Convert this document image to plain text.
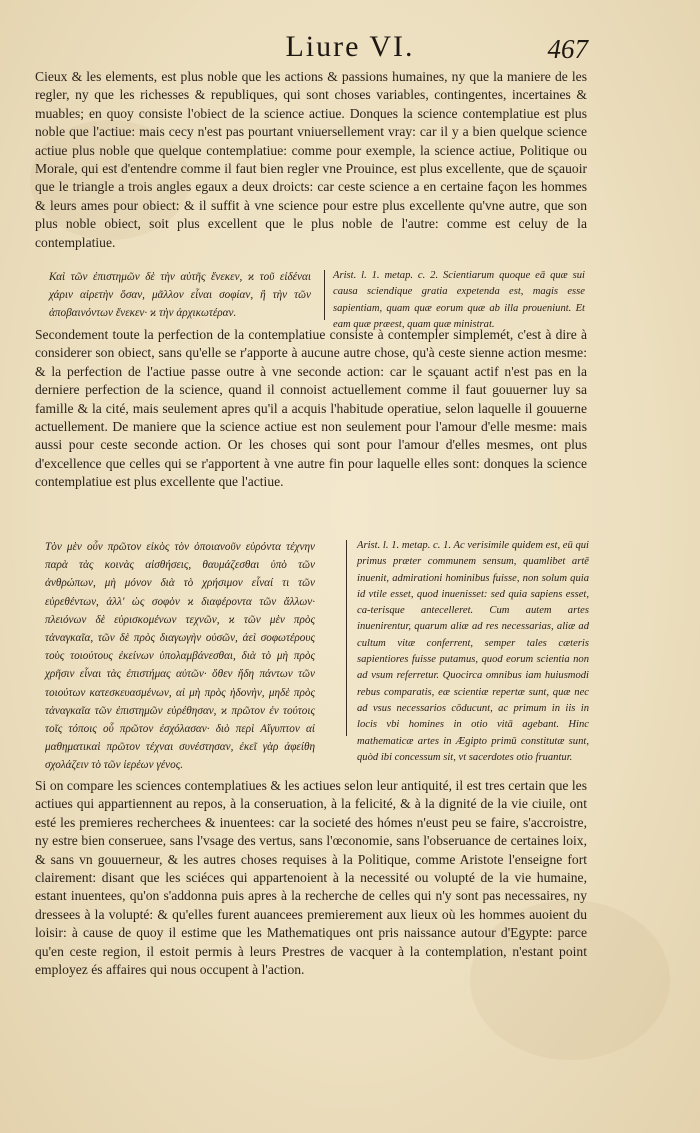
Liure VI.	467

Cieux & les elements, est plus noble que les actions & passions humaines, ny que la maniere de les regler, ny que les richesses & republiques, qui sont choses variables, contingentes, incertaines & muables; en quoy consiste l'obiect de la science actiue. Donques la science contemplatiue est plus noble que l'actiue: mais cecy n'est pas pourtant vniuersellement vray: car il y a bien quelque science actiue plus noble que quelque contemplatiue: comme pour exemple, la science actiue, Politique ou Morale, qui est d'entendre comme il faut bien regler vne Prouince, est plus excellente, que de sçauoir que le triangle a trois angles egaux a deux droicts: car ceste science a en certaine façon les hommes & leurs ames pour obiect: & il suffit à vne science pour estre plus excellente qu'vne autre, que son plus noble obiect, soit plus excellent que le plus noble de l'autre: comme est celuy de la contemplatiue.

Καὶ τῶν ἐπιστημῶν δὲ τὴν αὑτῆς ἕνεκεν, ϰ τοῦ εἰδέναι χάριν αἱρετὴν ὅσαν, μᾶλλον εἶναι σοφίαν, ἢ τὴν τῶν ἀποβαινόντων ἕνεκεν· ϰ τὴν ἀρχικωτέραν.

Arist. l. 1. metap. c. 2. Scientiarum quoque eā quæ sui causa sciendique gratia expetenda est, magis esse sapientiam, quam quæ eorum quæ ab illa proueniunt. Et eam quæ præest, quam quæ ministrat.

Secondement toute la perfection de la contemplatiue consiste à contempler simplemét, c'est à dire à considerer son obiect, sans qu'elle se r'apporte à aucune autre chose, qu'à ceste sienne action mesme: & la perfection de l'actiue passe outre à vne seconde action: car le sçauant actif n'est pas en la derniere perfection de la science, quand il connoist actuellement comme il faut gouuerner luy sa famille & la cité, mais seulement apres qu'il a acquis l'habitude operatiue, selon laquelle il gouuerne actuellement. De maniere que la science actiue est non seulement pour l'amour d'elle mesme: mais aussi pour ceste seconde action. Or les choses qui sont pour l'amour d'elles mesmes, ont plus d'excellence que celles qui se r'apportent à vne autre fin pour laquelle elles sont: donques la science contemplatiue est plus excellente que l'actiue.

Τὸν μὲν οὖν πρῶτον εἰκὸς τὸν ὁποιανοῦν εὑρόντα τέχνην παρὰ τὰς κοινὰς αἰσθήσεις, θαυμάζεσθαι ὑπὸ τῶν ἀνθρώπων, μὴ μόνον διὰ τὸ χρήσιμον εἶναί τι τῶν εὑρεθέντων, ἀλλ' ὡς σοφὸν ϰ διαφέροντα τῶν ἄλλων· πλειόνων δὲ εὑρισκομένων τεχνῶν, ϰ τῶν μὲν πρὸς τἀναγκαῖα, τῶν δὲ πρὸς διαγωγὴν οὐσῶν, ἀεὶ σοφωτέρους τοὺς τοιούτους ἐκείνων ὑπολαμβάνεσθαι, διὰ τὸ μὴ πρὸς χρῆσιν εἶναι τὰς ἐπιστήμας αὐτῶν· ὅθεν ἤδη πάντων τῶν τοιούτων κατεσκευασμένων, αἱ μὴ πρὸς ἡδονὴν, μηδὲ πρὸς τἀναγκαῖα τῶν ἐπιστημῶν εὑρέθησαν, ϰ πρῶτον ἐν τούτοις τοῖς τόποις οὗ πρῶτον ἐσχόλασαν· διὸ περὶ Αἴγυπτον αἱ μαθηματικαὶ πρῶτον τέχναι συνέστησαν, ἐκεῖ γὰρ ἀφείθη σχολάζειν τὸ τῶν ἱερέων γένος.

Arist. l. 1. metap. c. 1. Ac verisimile quidem est, eū qui primus præter communem sensum, quamlibet artē inuenit, admirationi hominibus fuisse, non solum quia id vtile esset, quod inuenisset: sed quia sapiens esset, ca-terisque antecelleret. Cum autem artes inuenirentur, quarum aliæ ad res necessarias, aliæ ad cultum vitæ conferrent, semper tales cæteris sapientiores fuisse putamus, quod eorum scientia non ad vsum referretur. Quocirca omnibus iam huiusmodi rebus comparatis, eæ scientiæ repertæ sunt, quæ nec ad vsus necessarios cōducunt, ac primum in iis in locis vbi homines in otio vitā agebant. Hinc mathematicæ artes in Ægipto primū constitutæ sunt, quòd ibi concessum sit, vt sacerdotes otio fruantur.

Si on compare les sciences contemplatiues & les actiues selon leur antiquité, il est tres certain que les actiues qui appartiennent au repos, à la conseruation, à la felicité, & à la dignité de la vie ciuile, ont esté les premieres recherchees & inuentees: car la societé des hómes n'eust peu se faire, s'accroistre, ny estre bien conseruee, sans l'vsage des vertus, sans l'œconomie, sans l'obseruance de certaines loix, & sans vn gouuerneur, & les autres choses requises à la Politique, comme Aristote l'enseigne fort clairement: disant que les sciéces qui appartenoient à la necessité ou volupté de la vie humaine, estant inuentees, qu'on s'addonna puis apres à la recherche de celles qui n'y sont pas necessaires, ny dressees à la volupté: & qu'elles furent auancees premierement aux lieux où les hommes auoient du loisir: à cause de quoy il estime que les Mathematiques ont pris naissance autour d'Egypte: parce qu'en ceste region, il estoit permis à leurs Prestres de vacquer à la contemplation, n'estant point employez és affaires qui nous occupent à l'action.
